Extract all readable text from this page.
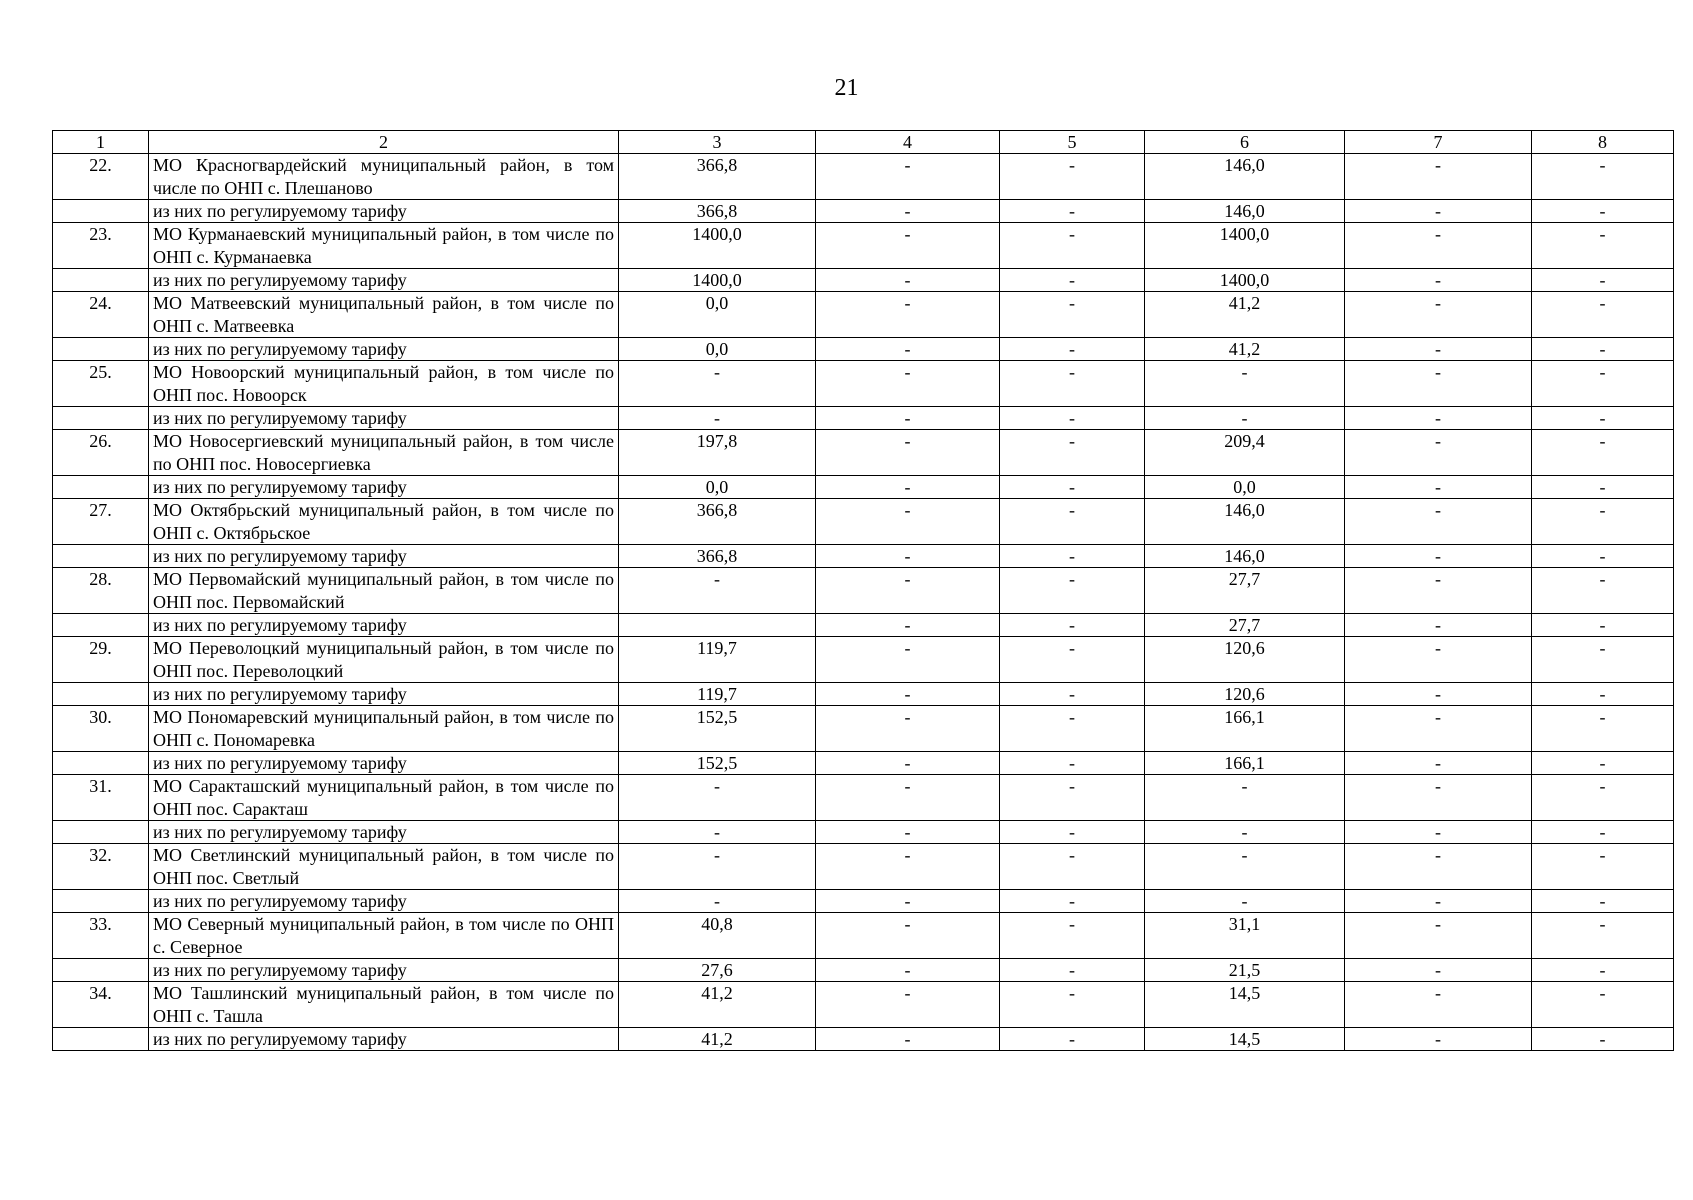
21
1	2	3	4	5	6	7	8
22.	МО Красногвардейский муниципальный район, в том числе по ОНП с. Плешаново	366,8	-	-	146,0	-	-
	из них по регулируемому тарифу	366,8	-	-	146,0	-	-
23.	МО Курманаевский муниципальный район, в том числе по ОНП с. Курманаевка	1400,0	-	-	1400,0	-	-
	из них по регулируемому тарифу	1400,0	-	-	1400,0	-	-
24.	МО Матвеевский муниципальный район, в том числе по ОНП с. Матвеевка	0,0	-	-	41,2	-	-
	из них по регулируемому тарифу	0,0	-	-	41,2	-	-
25.	МО Новоорский муниципальный район, в том числе по ОНП пос. Новоорск	-	-	-	-	-	-
	из них по регулируемому тарифу	-	-	-	-	-	-
26.	МО Новосергиевский муниципальный район, в том числе по ОНП пос. Новосергиевка	197,8	-	-	209,4	-	-
	из них по регулируемому тарифу	0,0	-	-	0,0	-	-
27.	МО Октябрьский муниципальный район, в том числе по ОНП с. Октябрьское	366,8	-	-	146,0	-	-
	из них по регулируемому тарифу	366,8	-	-	146,0	-	-
28.	МО Первомайский муниципальный район, в том числе по ОНП пос. Первомайский	-	-	-	27,7	-	-
	из них по регулируемому тарифу		-	-	27,7	-	-
29.	МО Переволоцкий муниципальный район, в том числе по ОНП пос. Переволоцкий	119,7	-	-	120,6	-	-
	из них по регулируемому тарифу	119,7	-	-	120,6	-	-
30.	МО Пономаревский муниципальный район, в том числе по ОНП с. Пономаревка	152,5	-	-	166,1	-	-
	из них по регулируемому тарифу	152,5	-	-	166,1	-	-
31.	МО Саракташский муниципальный район, в том числе по ОНП пос. Саракташ	-	-	-	-	-	-
	из них по регулируемому тарифу	-	-	-	-	-	-
32.	МО Светлинский муниципальный район, в том числе по ОНП пос. Светлый	-	-	-	-	-	-
	из них по регулируемому тарифу	-	-	-	-	-	-
33.	МО Северный муниципальный район, в том числе по ОНП с. Северное	40,8	-	-	31,1	-	-
	из них по регулируемому тарифу	27,6	-	-	21,5	-	-
34.	МО Ташлинский муниципальный район, в том числе по ОНП с. Ташла	41,2	-	-	14,5	-	-
	из них по регулируемому тарифу	41,2	-	-	14,5	-	-
